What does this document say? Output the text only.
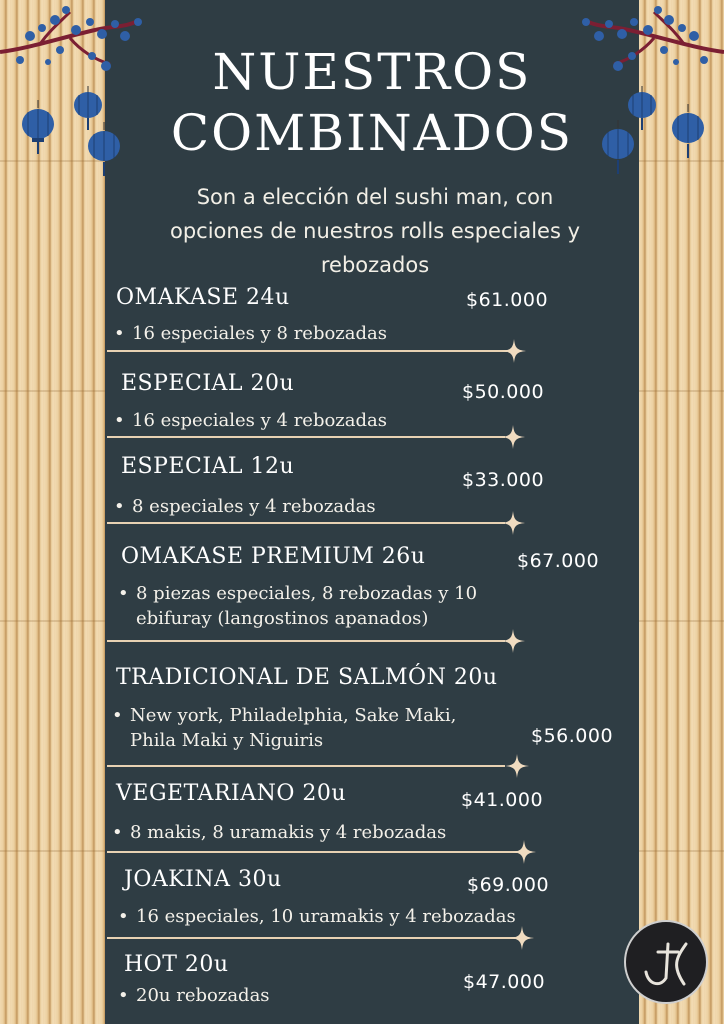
NUESTROS
COMBINADOS
Son a elección del sushi man, con
opciones de nuestros rolls especiales y
rebozados
OMAKASE 24u	$61.000
• 16 especiales y 8 rebozadas
ESPECIAL 20u	$50.000
• 16 especiales y 4 rebozadas
ESPECIAL 12u
$33.000
• 8 especiales y 4 rebozadas
OMAKASE PREMIUM 26u	$67.000
• 8 piezas especiales, 8 rebozadas y 10
ebifuray (langostinos apanados)
TRADICIONAL DE SALMÓN 20u
$56.000
• New york, Philadelphia, Sake Maki,
Phila Maki y Niguiris
VEGETARIANO 20u	$41.000
• 8 makis, 8 uramakis y 4 rebozadas
JOAKINA 30u	$69.000
• 16 especiales, 10 uramakis y 4 rebozadas
HOT 20u
$47.000
• 20u rebozadas
